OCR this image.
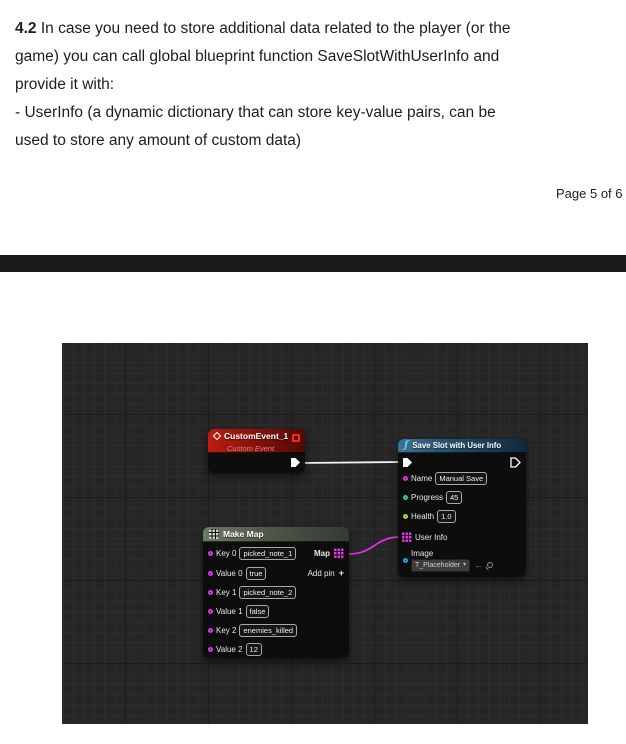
4.2 In case you need to store additional data related to the player (or the
game) you can call global blueprint function SaveSlotWithUserInfo and
provide it with:
- UserInfo (a dynamic dictionary that can store key-value pairs, can be
used to store any amount of custom data)
Page 5 of 6
CustomEvent_1
Custom Event	ƒ Save Slot with User Info
Name Manual Save
Progress 45
Health 1.0
User Info
Image
T_Placeholder ▾ ←
Make Map
Key 0 picked_note_1
Value 0 true
Key 1 picked_note_2
Value 1 false
Key 2 enemies_killed
Value 2 12
Map
Add pin +
